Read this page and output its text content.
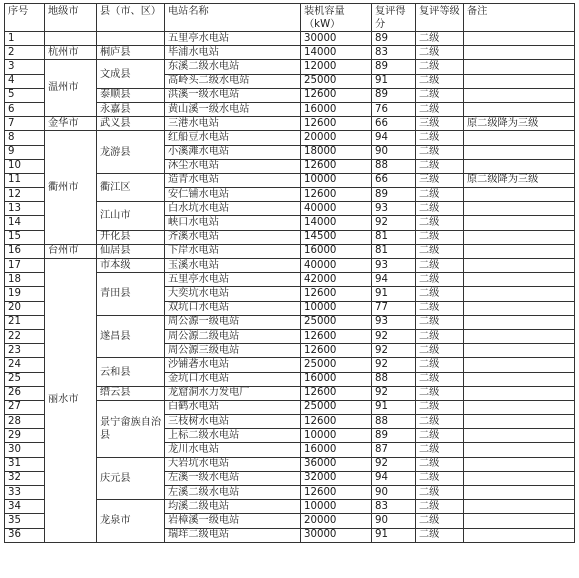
序号	地级市	县（市、区）	电站名称	装机容量（kW）	复评得分	复评等级	备注
1			五里亭水电站	30000	89	二级	
2	杭州市	桐庐县	毕浦水电站	14000	83	二级	
3	温州市	文成县	东溪二级水电站	12000	89	二级	
4			高岭头二级水电站	25000	91	二级	
5		泰顺县	洪溪一级水电站	12600	89	二级	
6		永嘉县	黄山溪一级水电站	16000	76	二级	
7	金华市	武义县	三港水电站	12600	66	三级	原二级降为三级
8	衢州市	龙游县	红船豆水电站	20000	94	二级	
9			小溪滩水电站	18000	90	二级	
10			沐尘水电站	12600	88	二级	
11		衢江区	造青水电站	10000	66	三级	原二级降为三级
12			安仁铺水电站	12600	89	二级	
13		江山市	白水坑水电站	40000	93	二级	
14			峡口水电站	14000	92	二级	
15		开化县	齐溪水电站	14500	81	二级	
16	台州市	仙居县	下岸水电站	16000	81	二级	
17	丽水市	市本级	玉溪水电站	40000	93	二级	
18		青田县	五里亭水电站	42000	94	二级	
19			大奕坑水电站	12600	91	二级	
20			双坑口水电站	10000	77	二级	
21		遂昌县	周公源一级电站	25000	93	二级	
22			周公源二级电站	12600	92	二级	
23			周公源三级电站	12600	92	二级	
24		云和县	沙铺砻水电站	25000	92	二级	
25			金坑口水电站	16000	88	二级	
26		缙云县	龙窟洞水力发电厂	12600	92	二级	
27		景宁畲族自治县	白鹤水电站	25000	91	二级	
28			三枝树水电站	12600	88	二级	
29			上标二级水电站	10000	89	二级	
30			龙川水电站	16000	87	二级	
31		庆元县	大岩坑水电站	36000	92	二级	
32			左溪一级水电站	32000	94	二级	
33			左溪二级水电站	12600	90	二级	
34		龙泉市	均溪二级电站	10000	83	二级	
35			岩樟溪一级电站	20000	90	二级	
36			瑞垟二级电站	30000	91	二级	
